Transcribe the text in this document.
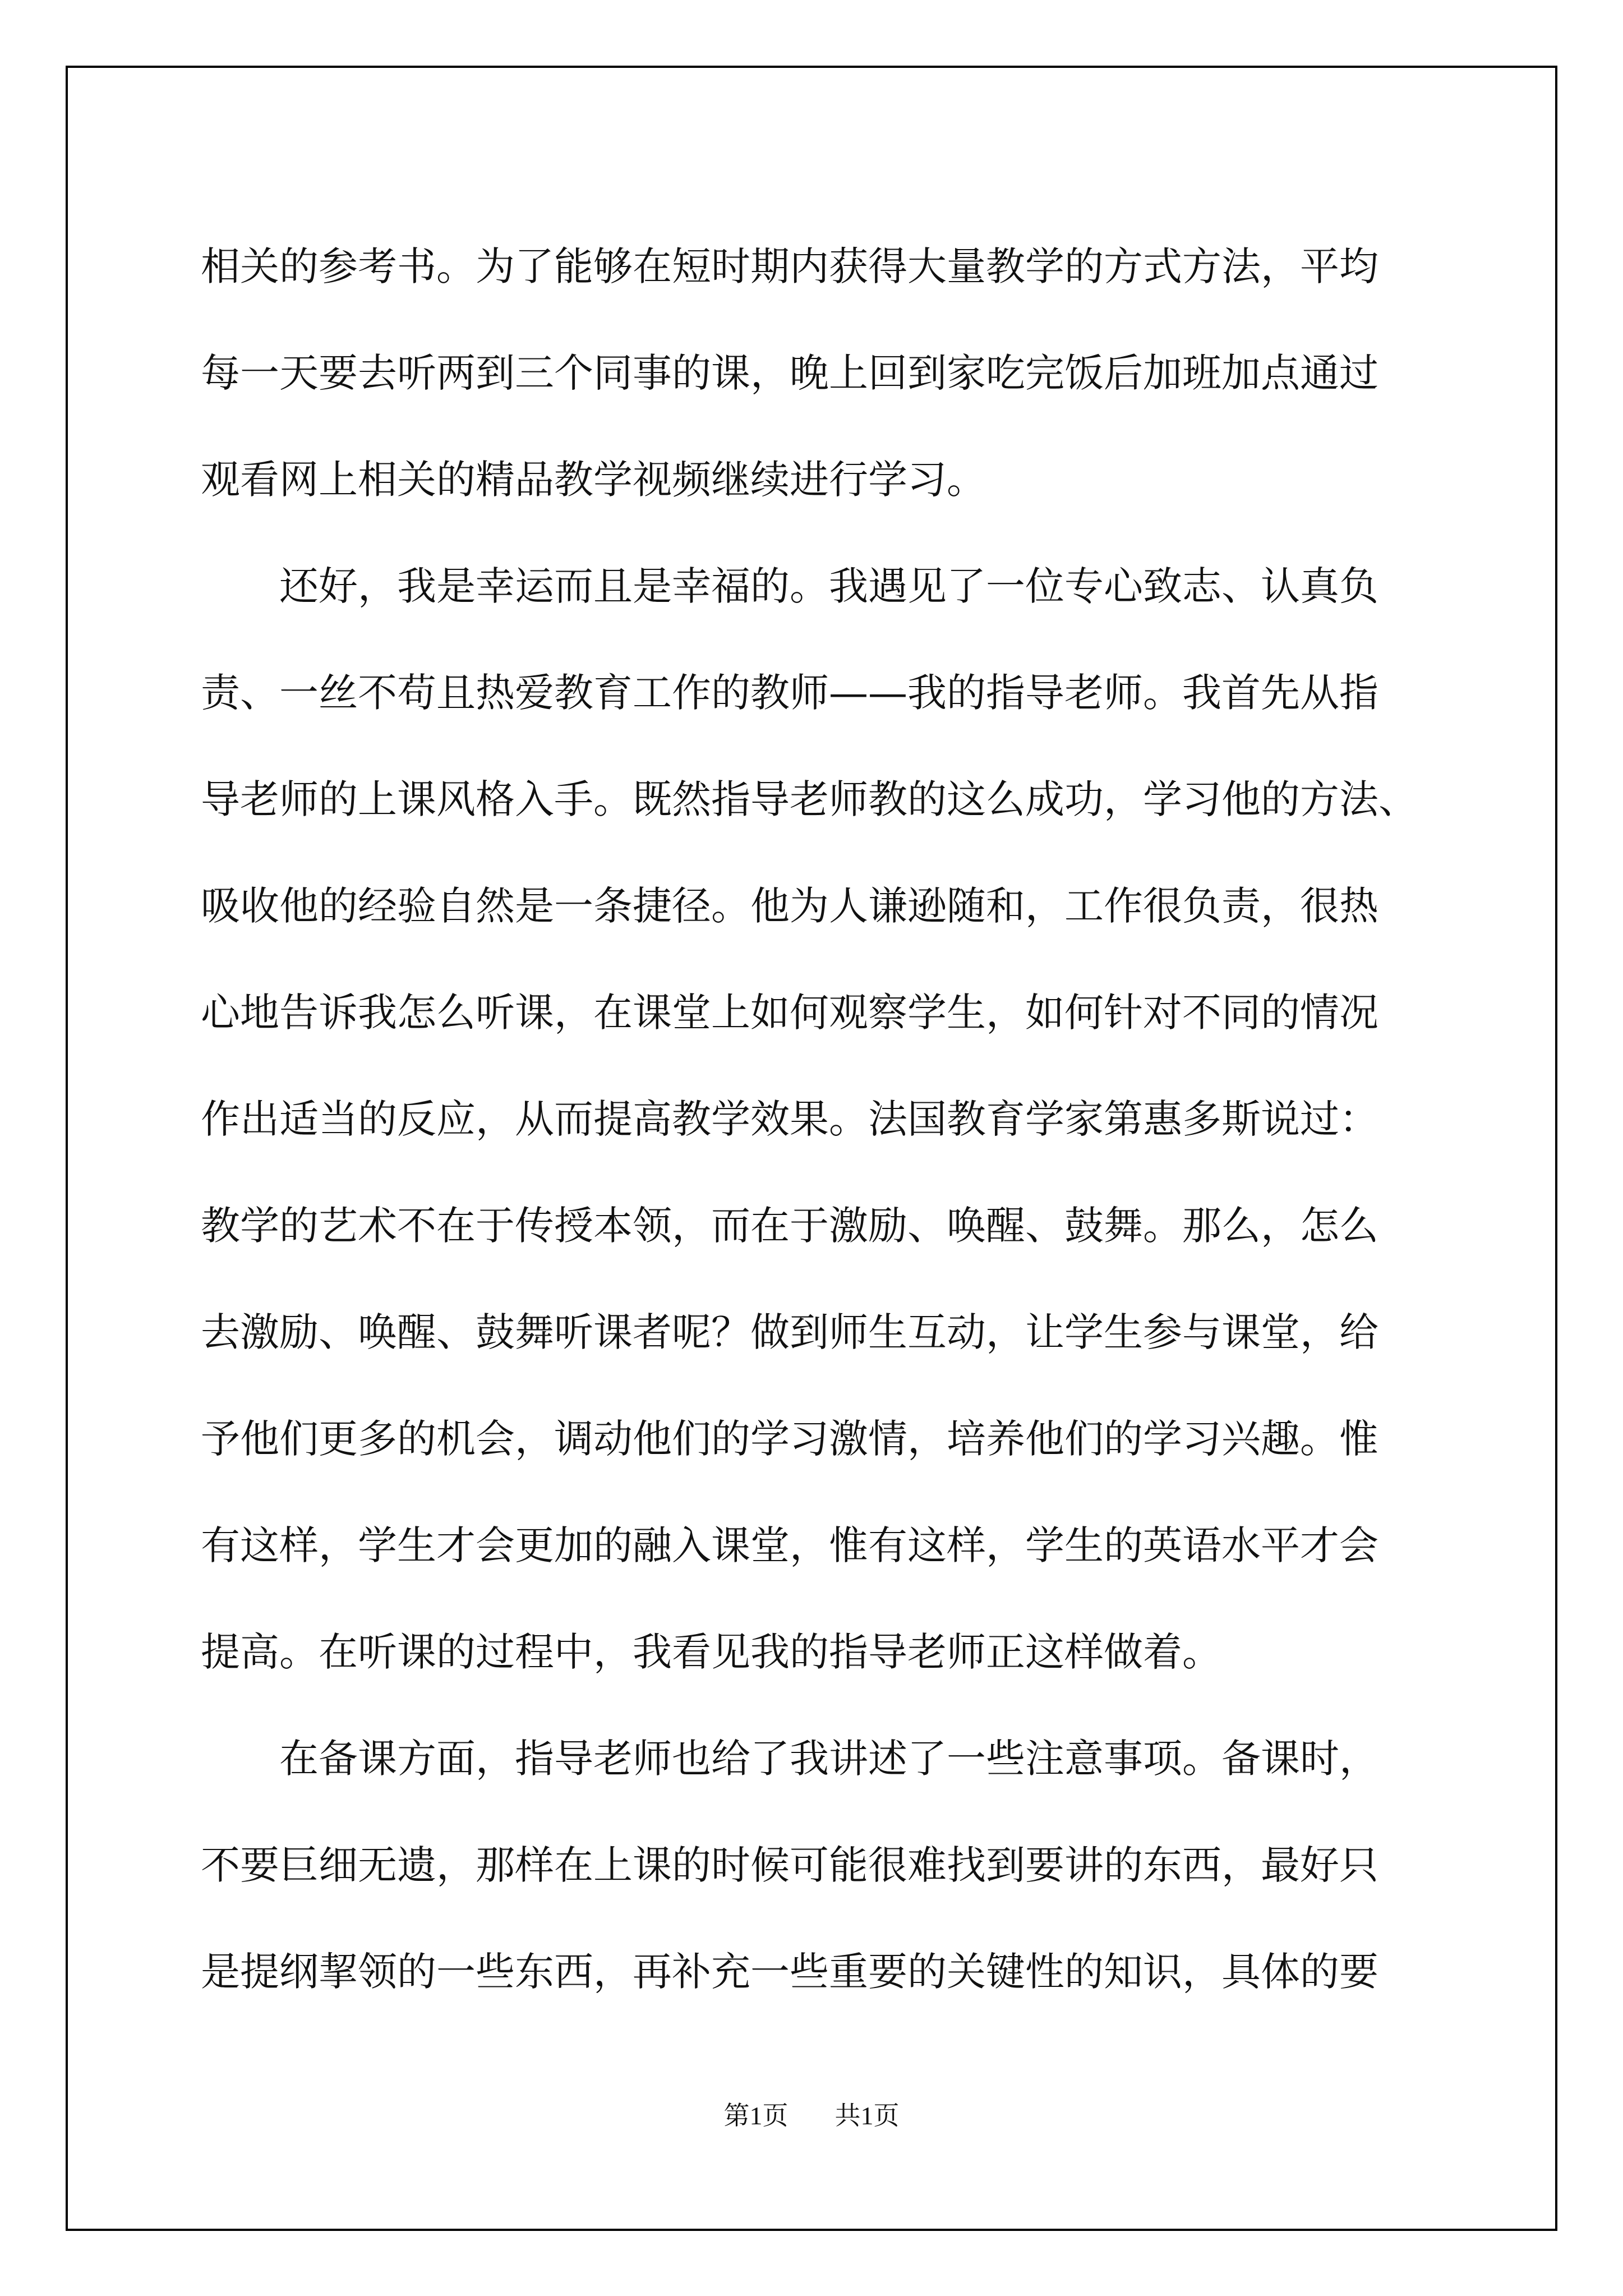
相关的参考书。为了能够在短时期内获得大量教学的方式方法，平均
每一天要去听两到三个同事的课，晚上回到家吃完饭后加班加点通过
观看网上相关的精品教学视频继续进行学习。
　　还好，我是幸运而且是幸福的。我遇见了一位专心致志、认真负
责、一丝不苟且热爱教育工作的教师——我的指导老师。我首先从指
导老师的上课风格入手。既然指导老师教的这么成功，学习他的方法、
吸收他的经验自然是一条捷径。他为人谦逊随和，工作很负责，很热
心地告诉我怎么听课，在课堂上如何观察学生，如何针对不同的情况
作出适当的反应，从而提高教学效果。法国教育学家第惠多斯说过：
教学的艺术不在于传授本领，而在于激励、唤醒、鼓舞。那么，怎么
去激励、唤醒、鼓舞听课者呢？做到师生互动，让学生参与课堂，给
予他们更多的机会，调动他们的学习激情，培养他们的学习兴趣。惟
有这样，学生才会更加的融入课堂，惟有这样，学生的英语水平才会
提高。在听课的过程中，我看见我的指导老师正这样做着。
　　在备课方面，指导老师也给了我讲述了一些注意事项。备课时，
不要巨细无遗，那样在上课的时候可能很难找到要讲的东西，最好只
是提纲挈领的一些东西，再补充一些重要的关键性的知识，具体的要
第1页 共1页
